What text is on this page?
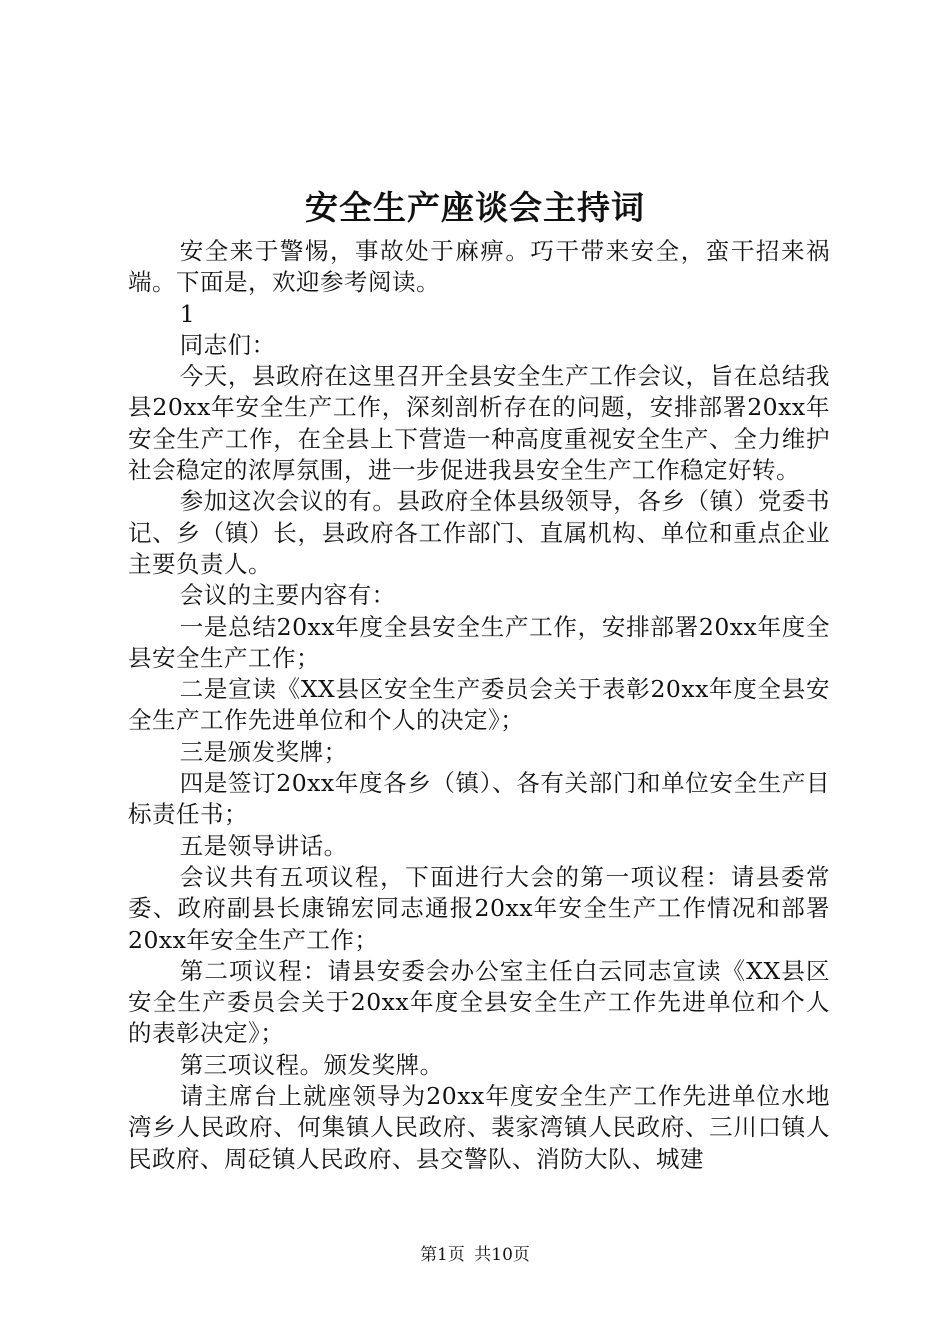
安全生产座谈会主持词

安全来于警惕，事故处于麻痹。巧干带来安全，蛮干招来祸端。下面是，欢迎参考阅读。

1

同志们：

今天，县政府在这里召开全县安全生产工作会议，旨在总结我县20xx年安全生产工作，深刻剖析存在的问题，安排部署20xx年安全生产工作，在全县上下营造一种高度重视安全生产、全力维护社会稳定的浓厚氛围，进一步促进我县安全生产工作稳定好转。

参加这次会议的有。县政府全体县级领导，各乡（镇）党委书记、乡（镇）长，县政府各工作部门、直属机构、单位和重点企业主要负责人。

会议的主要内容有：

一是总结20xx年度全县安全生产工作，安排部署20xx年度全县安全生产工作；

二是宣读《XX县区安全生产委员会关于表彰20xx年度全县安全生产工作先进单位和个人的决定》；

三是颁发奖牌；

四是签订20xx年度各乡（镇）、各有关部门和单位安全生产目标责任书；

五是领导讲话。

会议共有五项议程，下面进行大会的第一项议程：请县委常委、政府副县长康锦宏同志通报20xx年安全生产工作情况和部署20xx年安全生产工作；

第二项议程：请县安委会办公室主任白云同志宣读《XX县区安全生产委员会关于20xx年度全县安全生产工作先进单位和个人的表彰决定》；

第三项议程。颁发奖牌。

请主席台上就座领导为20xx年度安全生产工作先进单位水地湾乡人民政府、何集镇人民政府、裴家湾镇人民政府、三川口镇人民政府、周砭镇人民政府、县交警队、消防大队、城建

第1页 共10页
